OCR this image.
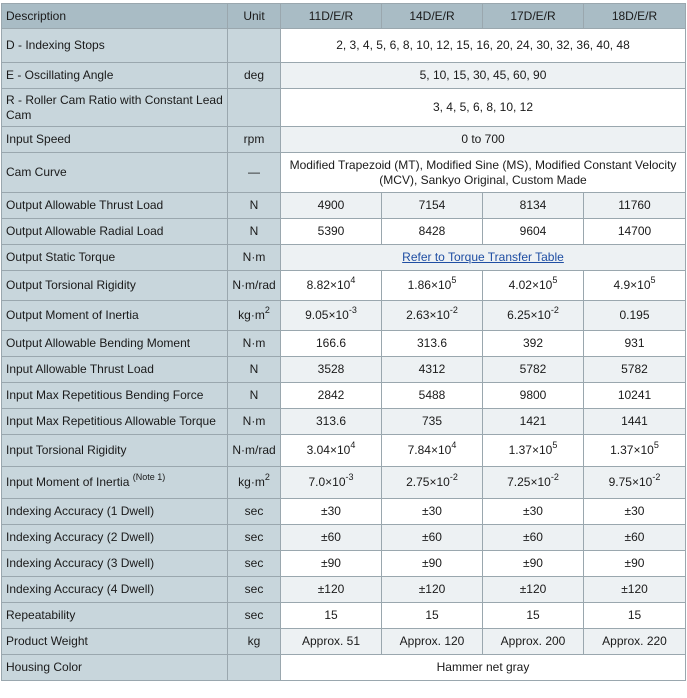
Description	Unit	11D/E/R	14D/E/R	17D/E/R	18D/E/R
D - Indexing Stops		2, 3, 4, 5, 6, 8, 10, 12, 15, 16, 20, 24, 30, 32, 36, 40, 48			
E - Oscillating Angle	deg	5, 10, 15, 30, 45, 60, 90			
R - Roller Cam Ratio with Constant Lead Cam		3, 4, 5, 6, 8, 10, 12			
Input Speed	rpm	0 to 700			
Cam Curve	—	Modified Trapezoid (MT), Modified Sine (MS), Modified Constant Velocity (MCV), Sankyo Original, Custom Made			
Output Allowable Thrust Load	N	4900	7154	8134	11760
Output Allowable Radial Load	N	5390	8428	9604	14700
Output Static Torque	N·m	Refer to Torque Transfer Table			
Output Torsional Rigidity	N·m/rad	$8.82\times 10^4$	$1.86\times 10^5$	$4.02\times 10^5$	$4.9\times 10^5$
Output Moment of Inertia	$kg\cdot m^2$	$9.05\times 10^{-3}$	$2.63\times 10^{-2}$	$6.25\times 10^{-2}$	0.195
Output Allowable Bending Moment	N·m	166.6	313.6	392	931
Input Allowable Thrust Load	N	3528	4312	5782	5782
Input Max Repetitious Bending Force	N	2842	5488	9800	10241
Input Max Repetitious Allowable Torque	N·m	313.6	735	1421	1441
Input Torsional Rigidity	N·m/rad	$3.04\times 10^4$	$7.84\times 10^4$	$1.37\times 10^5$	$1.37\times 10^5$
Input Moment of Inertia $^{(Note 1)}$	$kg\cdot m^2$	$7.0\times 10^{-3}$	$2.75\times 10^{-2}$	$7.25\times 10^{-2}$	$9.75\times 10^{-2}$
Indexing Accuracy (1 Dwell)	sec	±30	±30	±30	±30
Indexing Accuracy (2 Dwell)	sec	±60	±60	±60	±60
Indexing Accuracy (3 Dwell)	sec	±90	±90	±90	±90
Indexing Accuracy (4 Dwell)	sec	±120	±120	±120	±120
Repeatability	sec	15	15	15	15
Product Weight	kg	Approx. 51	Approx. 120	Approx. 200	Approx. 220
Housing Color		Hammer net gray			
